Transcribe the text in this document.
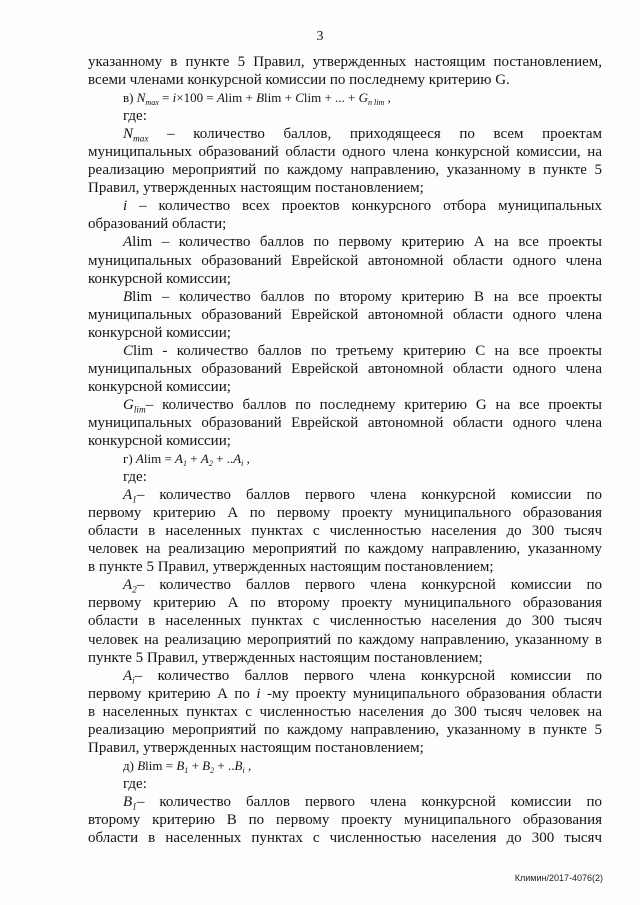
3
указанному в пункте 5 Правил, утвержденных настоящим постановлением,
всеми членами конкурсной комиссии по последнему критерию G.
в) $N_{max} = i\times 100 = Alim + Blim + Clim$ + ... + $G_{n lim}$ ,
где:
$N_{max}$ – количество баллов, приходящееся по всем проектам
муниципальных образований области одного члена конкурсной комиссии, на
реализацию мероприятий по каждому направлению, указанному в пункте 5
Правил, утвержденных настоящим постановлением;
i – количество всех проектов конкурсного отбора муниципальных
образований области;
Alim – количество баллов по первому критерию А на все проекты
муниципальных образований Еврейской автономной области одного члена
конкурсной комиссии;
Blim – количество баллов по второму критерию В на все проекты
муниципальных образований Еврейской автономной области одного члена
конкурсной комиссии;
Clim - количество баллов по третьему критерию С на все проекты
муниципальных образований Еврейской автономной области одного члена
конкурсной комиссии;
$G_{lim}-$ количество баллов по последнему критерию G на все проекты
муниципальных образований Еврейской автономной области одного члена
конкурсной комиссии;
г) $Alim = A_1 + A_2 + ..A_i$ ,
где:
$A_1-$ количество баллов первого члена конкурсной комиссии по
первому критерию А по первому проекту муниципального образования
области в населенных пунктах с численностью населения до 300 тысяч
человек на реализацию мероприятий по каждому направлению, указанному
в пункте 5 Правил, утвержденных настоящим постановлением;
$A_2-$ количество баллов первого члена конкурсной комиссии по
первому критерию А по второму проекту муниципального образования
области в населенных пунктах с численностью населения до 300 тысяч
человек на реализацию мероприятий по каждому направлению, указанному в
пункте 5 Правил, утвержденных настоящим постановлением;
$A_i-$ количество баллов первого члена конкурсной комиссии по
первому критерию А по i -му проекту муниципального образования области
в населенных пунктах с численностью населения до 300 тысяч человек на
реализацию мероприятий по каждому направлению, указанному в пункте 5
Правил, утвержденных настоящим постановлением;
д) $Blim = B_1 + B_2 + ..B_i$ ,
где:
$B_1-$ количество баллов первого члена конкурсной комиссии по
второму критерию В по первому проекту муниципального образования
области в населенных пунктах с численностью населения до 300 тысяч
Климин/2017-4076(2)
